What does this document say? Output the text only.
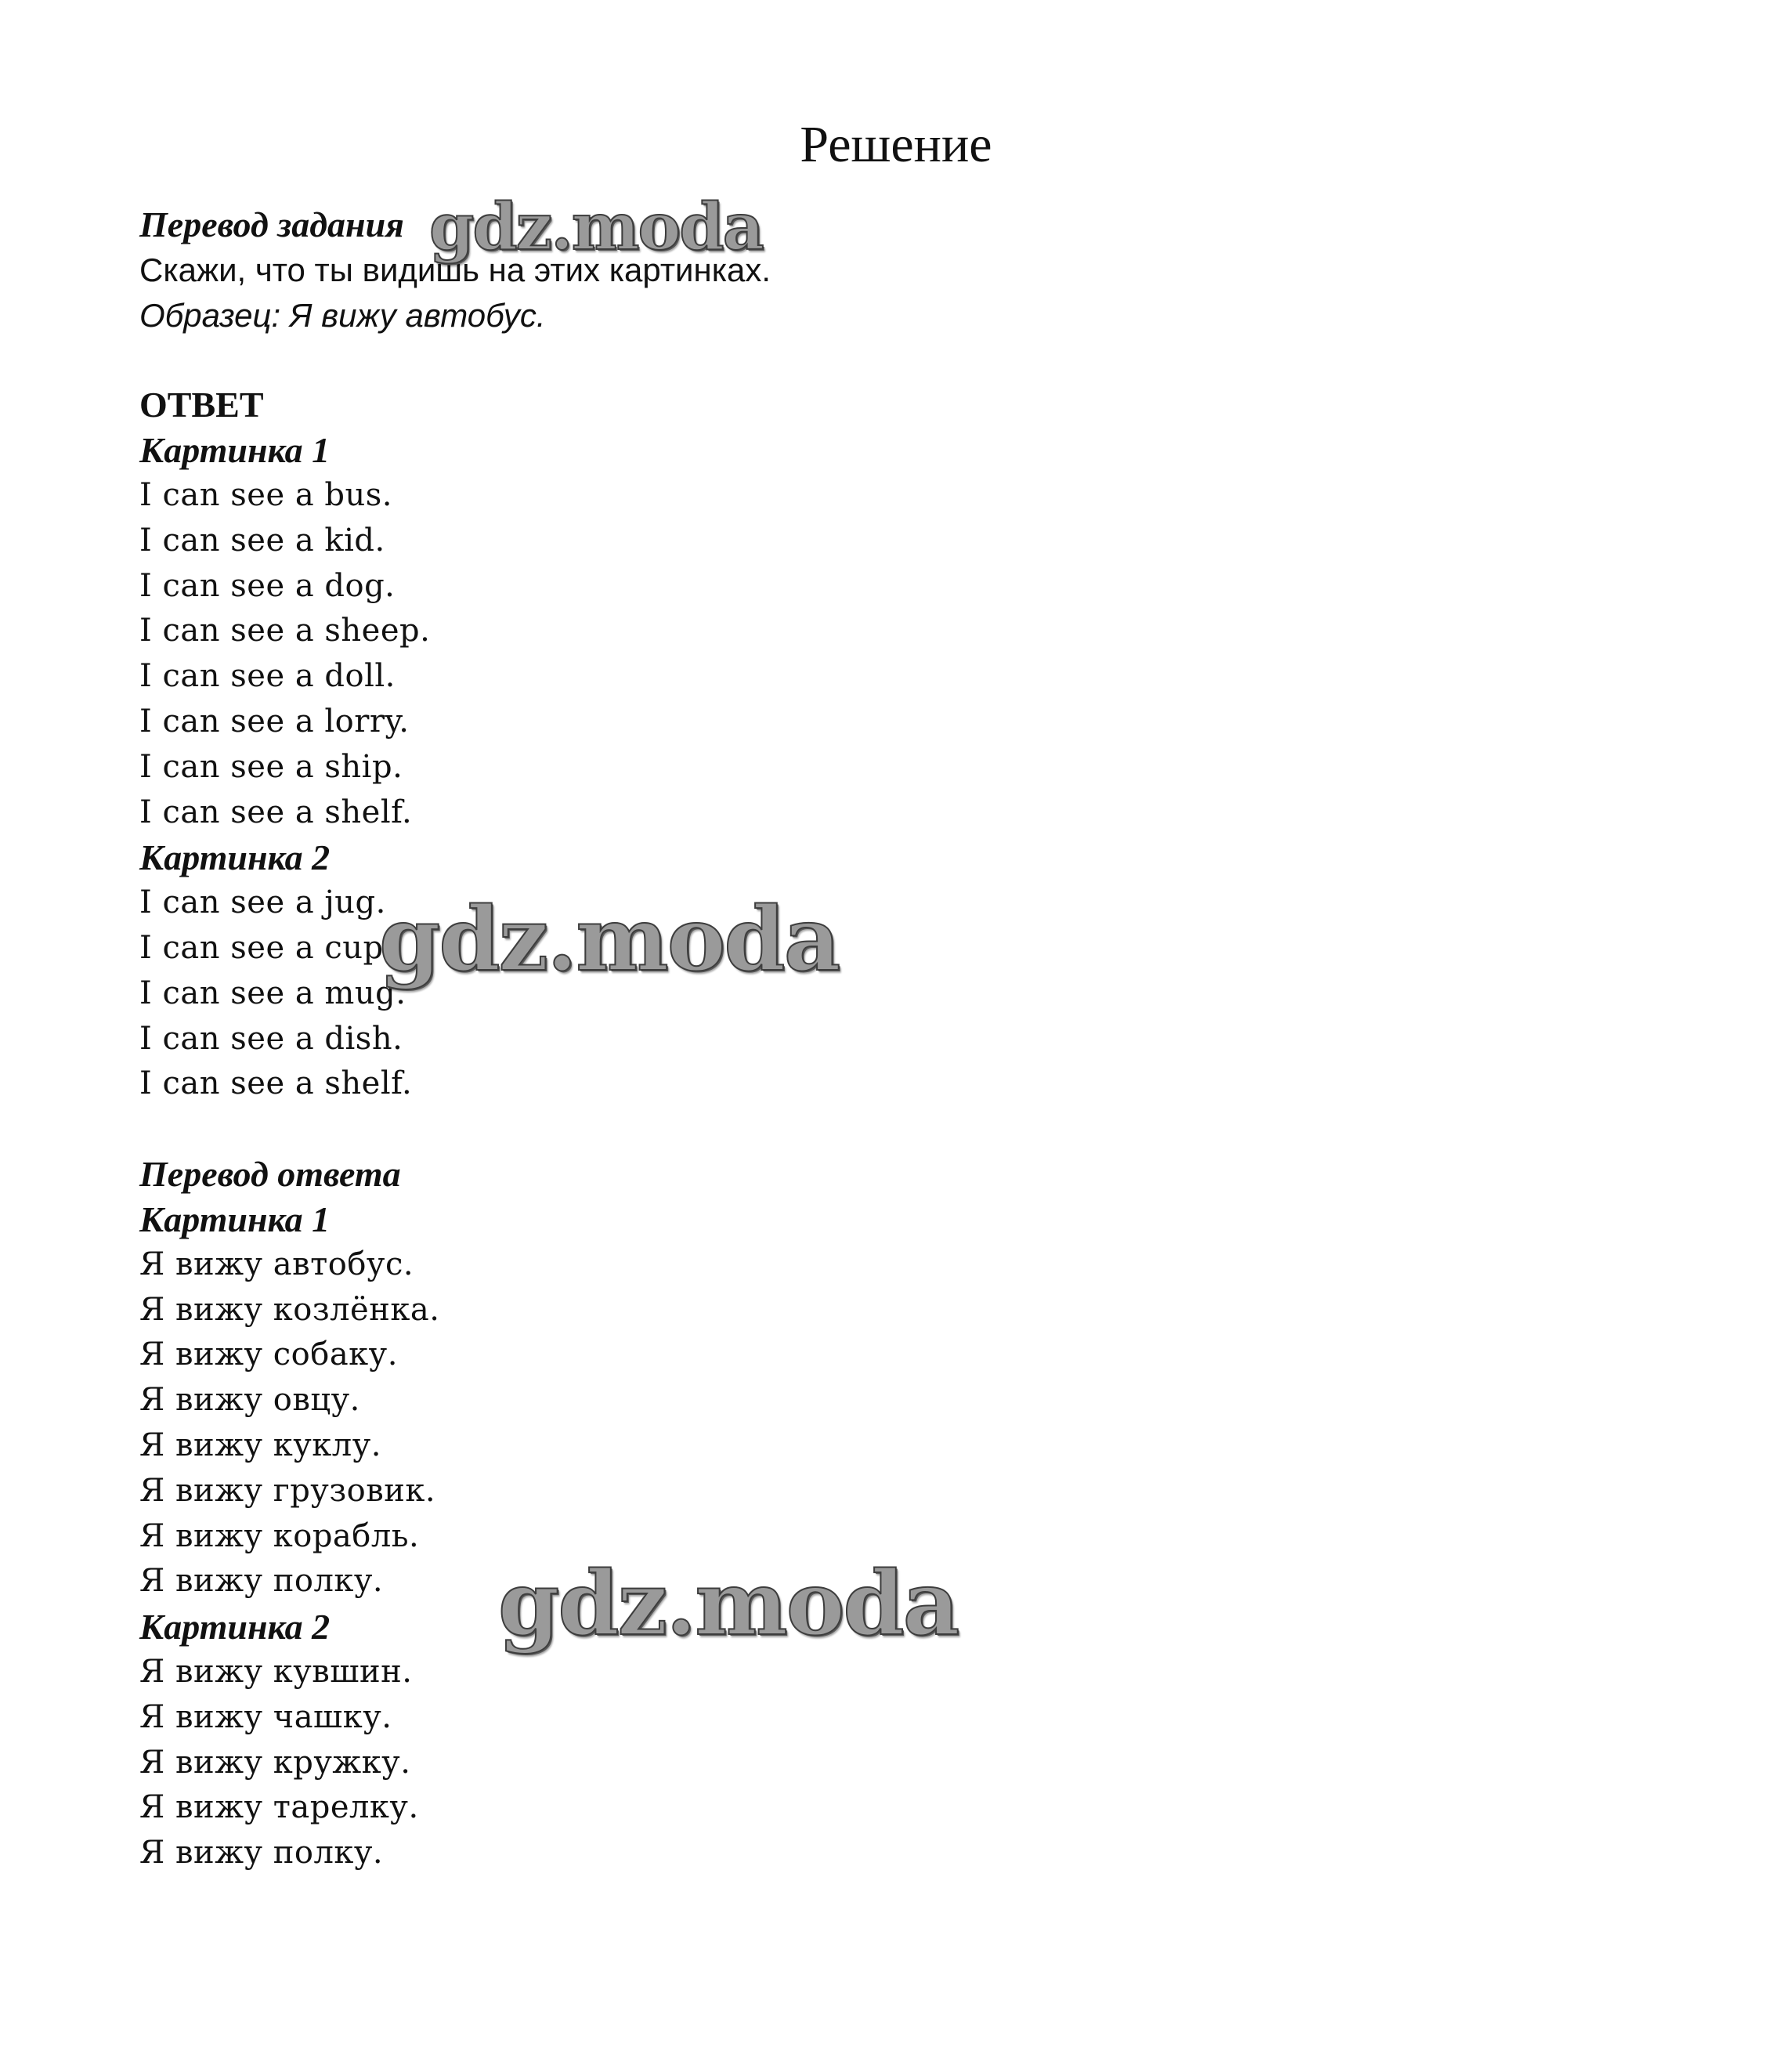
Решение

Перевод задания

Скажи, что ты видишь на этих картинках.

Образец: Я вижу автобус.

ОТВЕТ

Картинка 1

I can see a bus.

I can see a kid.

I can see a dog.

I can see a sheep.

I can see a doll.

I can see a lorry.

I can see a ship.

I can see a shelf.

Картинка 2

I can see a jug.

I can see a cup.

I can see a mug.

I can see a dish.

I can see a shelf.

Перевод ответа

Картинка 1

Я вижу автобус.

Я вижу козлёнка.

Я вижу собаку.

Я вижу овцу.

Я вижу куклу.

Я вижу грузовик.

Я вижу корабль.

Я вижу полку.

Картинка 2

Я вижу кувшин.

Я вижу чашку.

Я вижу кружку.

Я вижу тарелку.

Я вижу полку.

gdz.moda
gdz.moda
gdz.moda
